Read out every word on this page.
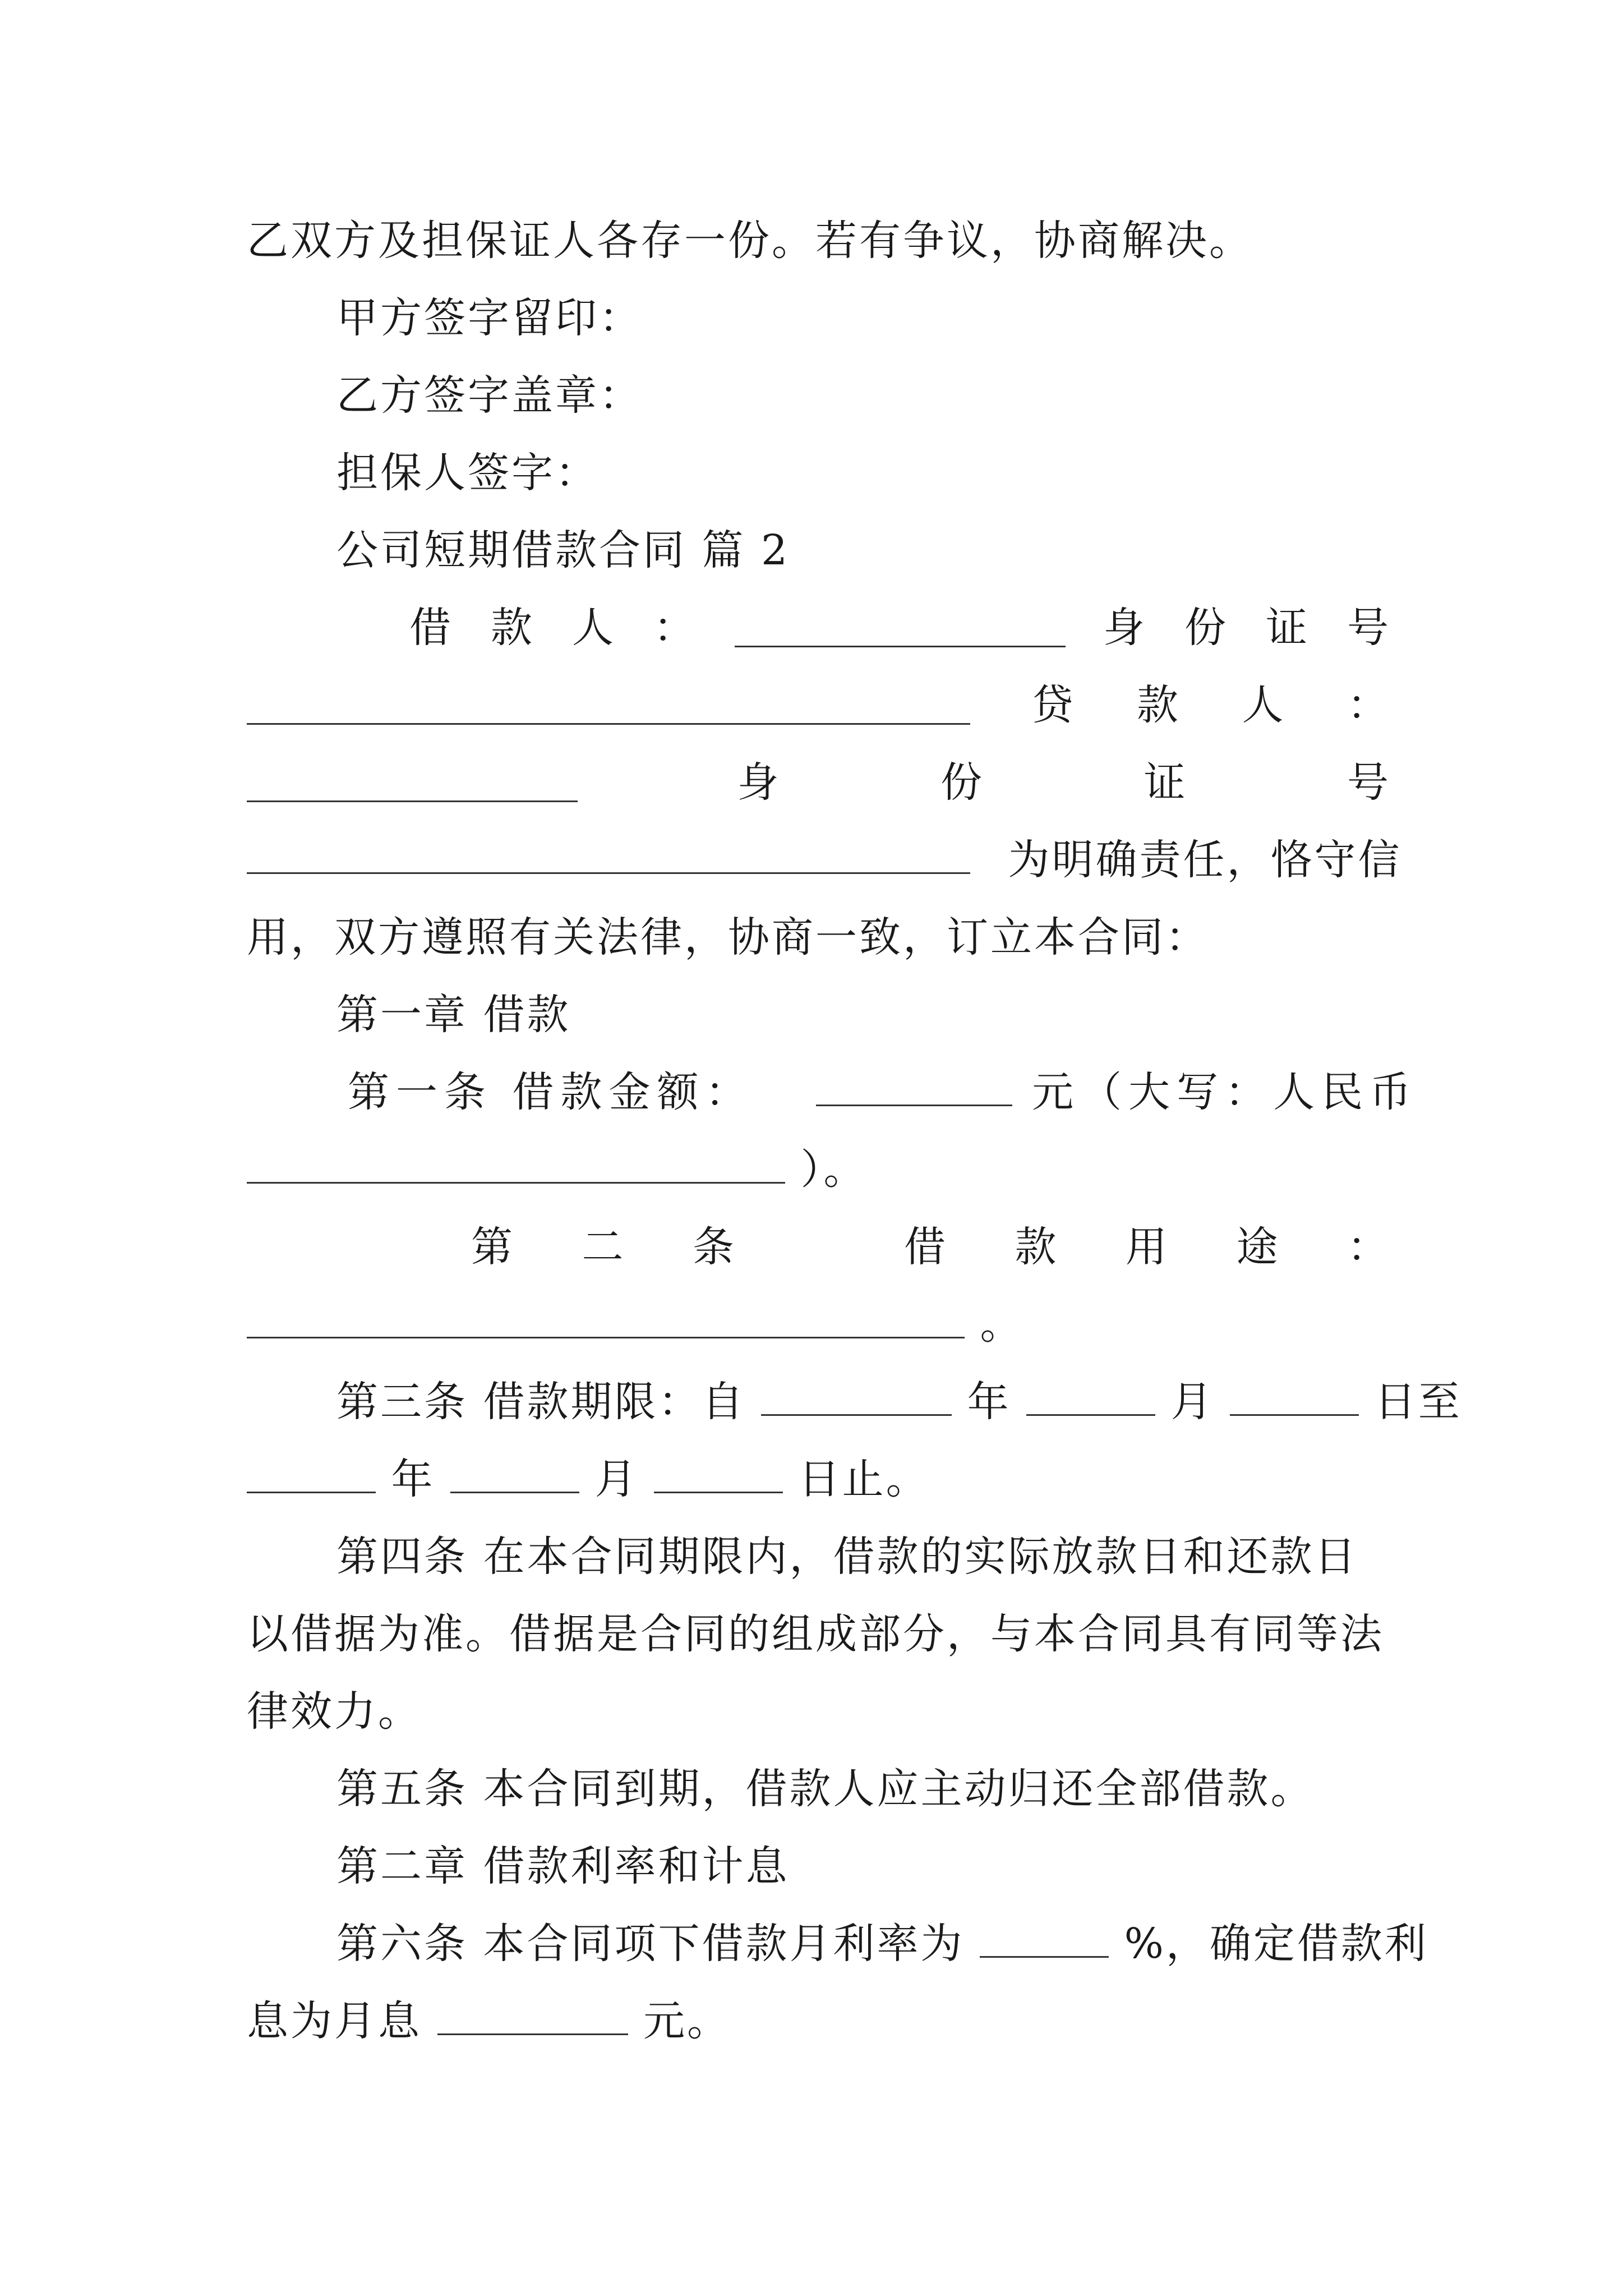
乙双方及担保证人各存一份。若有争议，协商解决。
甲方签字留印：
乙方签字盖章：
担保人签字：
公司短期借款合同 篇 2
借 款 人 ：	身 份 证 号
贷 款 人 ：
身	份	证	号
为明确责任，恪守信
用，双方遵照有关法律，协商一致，订立本合同：
第一章 借款
第一条 借款金额：	元（大写：人民币
）。
第 二 条	借 款 用 途 ：
。
第三条 借款期限：自	年	月	日至
年	月	日止。
第四条 在本合同期限内，借款的实际放款日和还款日
以借据为准。借据是合同的组成部分，与本合同具有同等法
律效力。
第五条 本合同到期，借款人应主动归还全部借款。
第二章 借款利率和计息
第六条 本合同项下借款月利率为	%，确定借款利
息为月息	元。
